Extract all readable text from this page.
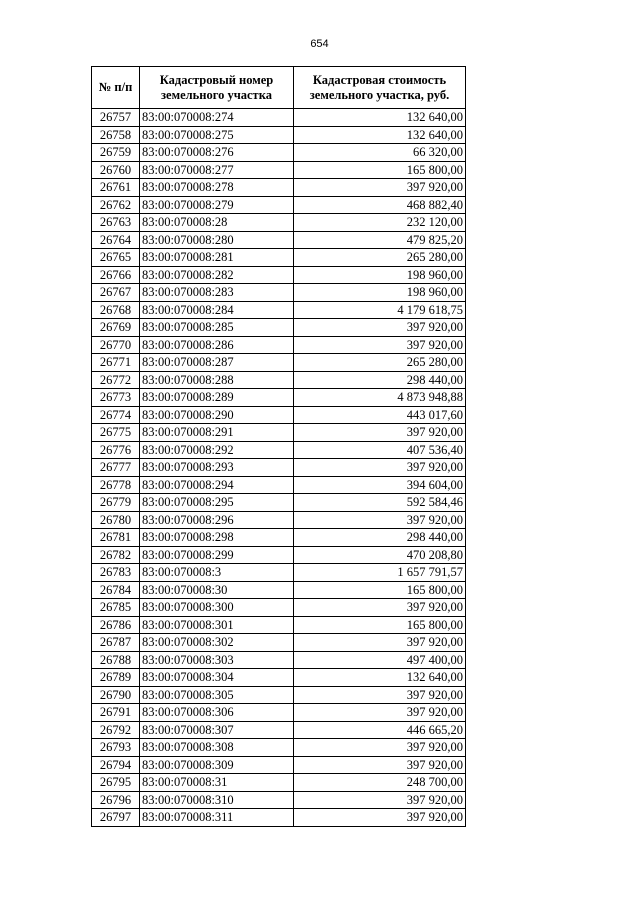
654
№ п/п	Кадастровый номер земельного участка	Кадастровая стоимость земельного участка, руб.
26757	83:00:070008:274	132 640,00
26758	83:00:070008:275	132 640,00
26759	83:00:070008:276	66 320,00
26760	83:00:070008:277	165 800,00
26761	83:00:070008:278	397 920,00
26762	83:00:070008:279	468 882,40
26763	83:00:070008:28	232 120,00
26764	83:00:070008:280	479 825,20
26765	83:00:070008:281	265 280,00
26766	83:00:070008:282	198 960,00
26767	83:00:070008:283	198 960,00
26768	83:00:070008:284	4 179 618,75
26769	83:00:070008:285	397 920,00
26770	83:00:070008:286	397 920,00
26771	83:00:070008:287	265 280,00
26772	83:00:070008:288	298 440,00
26773	83:00:070008:289	4 873 948,88
26774	83:00:070008:290	443 017,60
26775	83:00:070008:291	397 920,00
26776	83:00:070008:292	407 536,40
26777	83:00:070008:293	397 920,00
26778	83:00:070008:294	394 604,00
26779	83:00:070008:295	592 584,46
26780	83:00:070008:296	397 920,00
26781	83:00:070008:298	298 440,00
26782	83:00:070008:299	470 208,80
26783	83:00:070008:3	1 657 791,57
26784	83:00:070008:30	165 800,00
26785	83:00:070008:300	397 920,00
26786	83:00:070008:301	165 800,00
26787	83:00:070008:302	397 920,00
26788	83:00:070008:303	497 400,00
26789	83:00:070008:304	132 640,00
26790	83:00:070008:305	397 920,00
26791	83:00:070008:306	397 920,00
26792	83:00:070008:307	446 665,20
26793	83:00:070008:308	397 920,00
26794	83:00:070008:309	397 920,00
26795	83:00:070008:31	248 700,00
26796	83:00:070008:310	397 920,00
26797	83:00:070008:311	397 920,00
